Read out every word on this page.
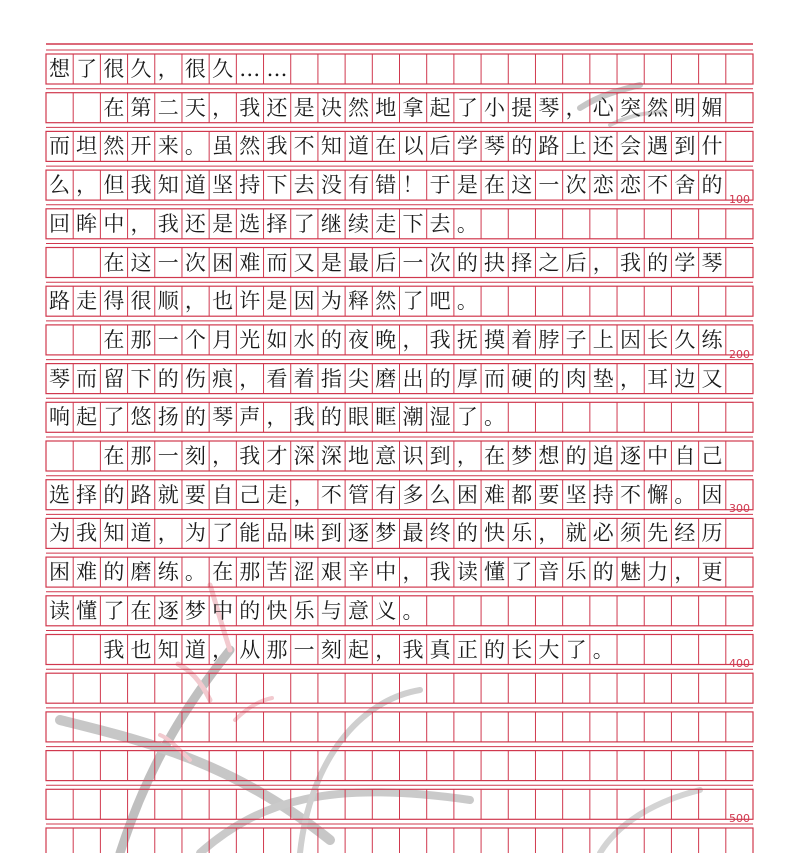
想 了 很 久 ， 很 久 … …

在 第 二 天 ， 我 还 是 决 然 地 拿 起 了 小 提 琴 ， 心 突 然 明 媚
而 坦 然 开 来 。 虽 然 我 不 知 道 在 以 后 学 琴 的 路 上 还 会 遇 到 什
么 ， 但 我 知 道 坚 持 下 去 没 有 错 ！ 于 是 在 这 一 次 恋 恋 不 舍 的
回 眸 中 ， 我 还 是 选 择 了 继 续 走 下 去 。

在 这 一 次 困 难 而 又 是 最 后 一 次 的 抉 择 之 后 ， 我 的 学 琴
路 走 得 很 顺 ， 也 许 是 因 为 释 然 了 吧 。

在 那 一 个 月 光 如 水 的 夜 晚 ， 我 抚 摸 着 脖 子 上 因 长 久 练
琴 而 留 下 的 伤 痕 ， 看 着 指 尖 磨 出 的 厚 而 硬 的 肉 垫 ， 耳 边 又
响 起 了 悠 扬 的 琴 声 ， 我 的 眼 眶 潮 湿 了 。

在 那 一 刻 ， 我 才 深 深 地 意 识 到 ， 在 梦 想 的 追 逐 中 自 己
选 择 的 路 就 要 自 己 走 ， 不 管 有 多 么 困 难 都 要 坚 持 不 懈 。 因
为 我 知 道 ， 为 了 能 品 味 到 逐 梦 最 终 的 快 乐 ， 就 必 须 先 经 历
困 难 的 磨 练 。 在 那 苦 涩 艰 辛 中 ， 我 读 懂 了 音 乐 的 魅 力 ， 更
读 懂 了 在 逐 梦 中 的 快 乐 与 意 义 。

我 也 知 道 ， 从 那 一 刻 起 ， 我 真 正 的 长 大 了 。
100
200
300
400
500
